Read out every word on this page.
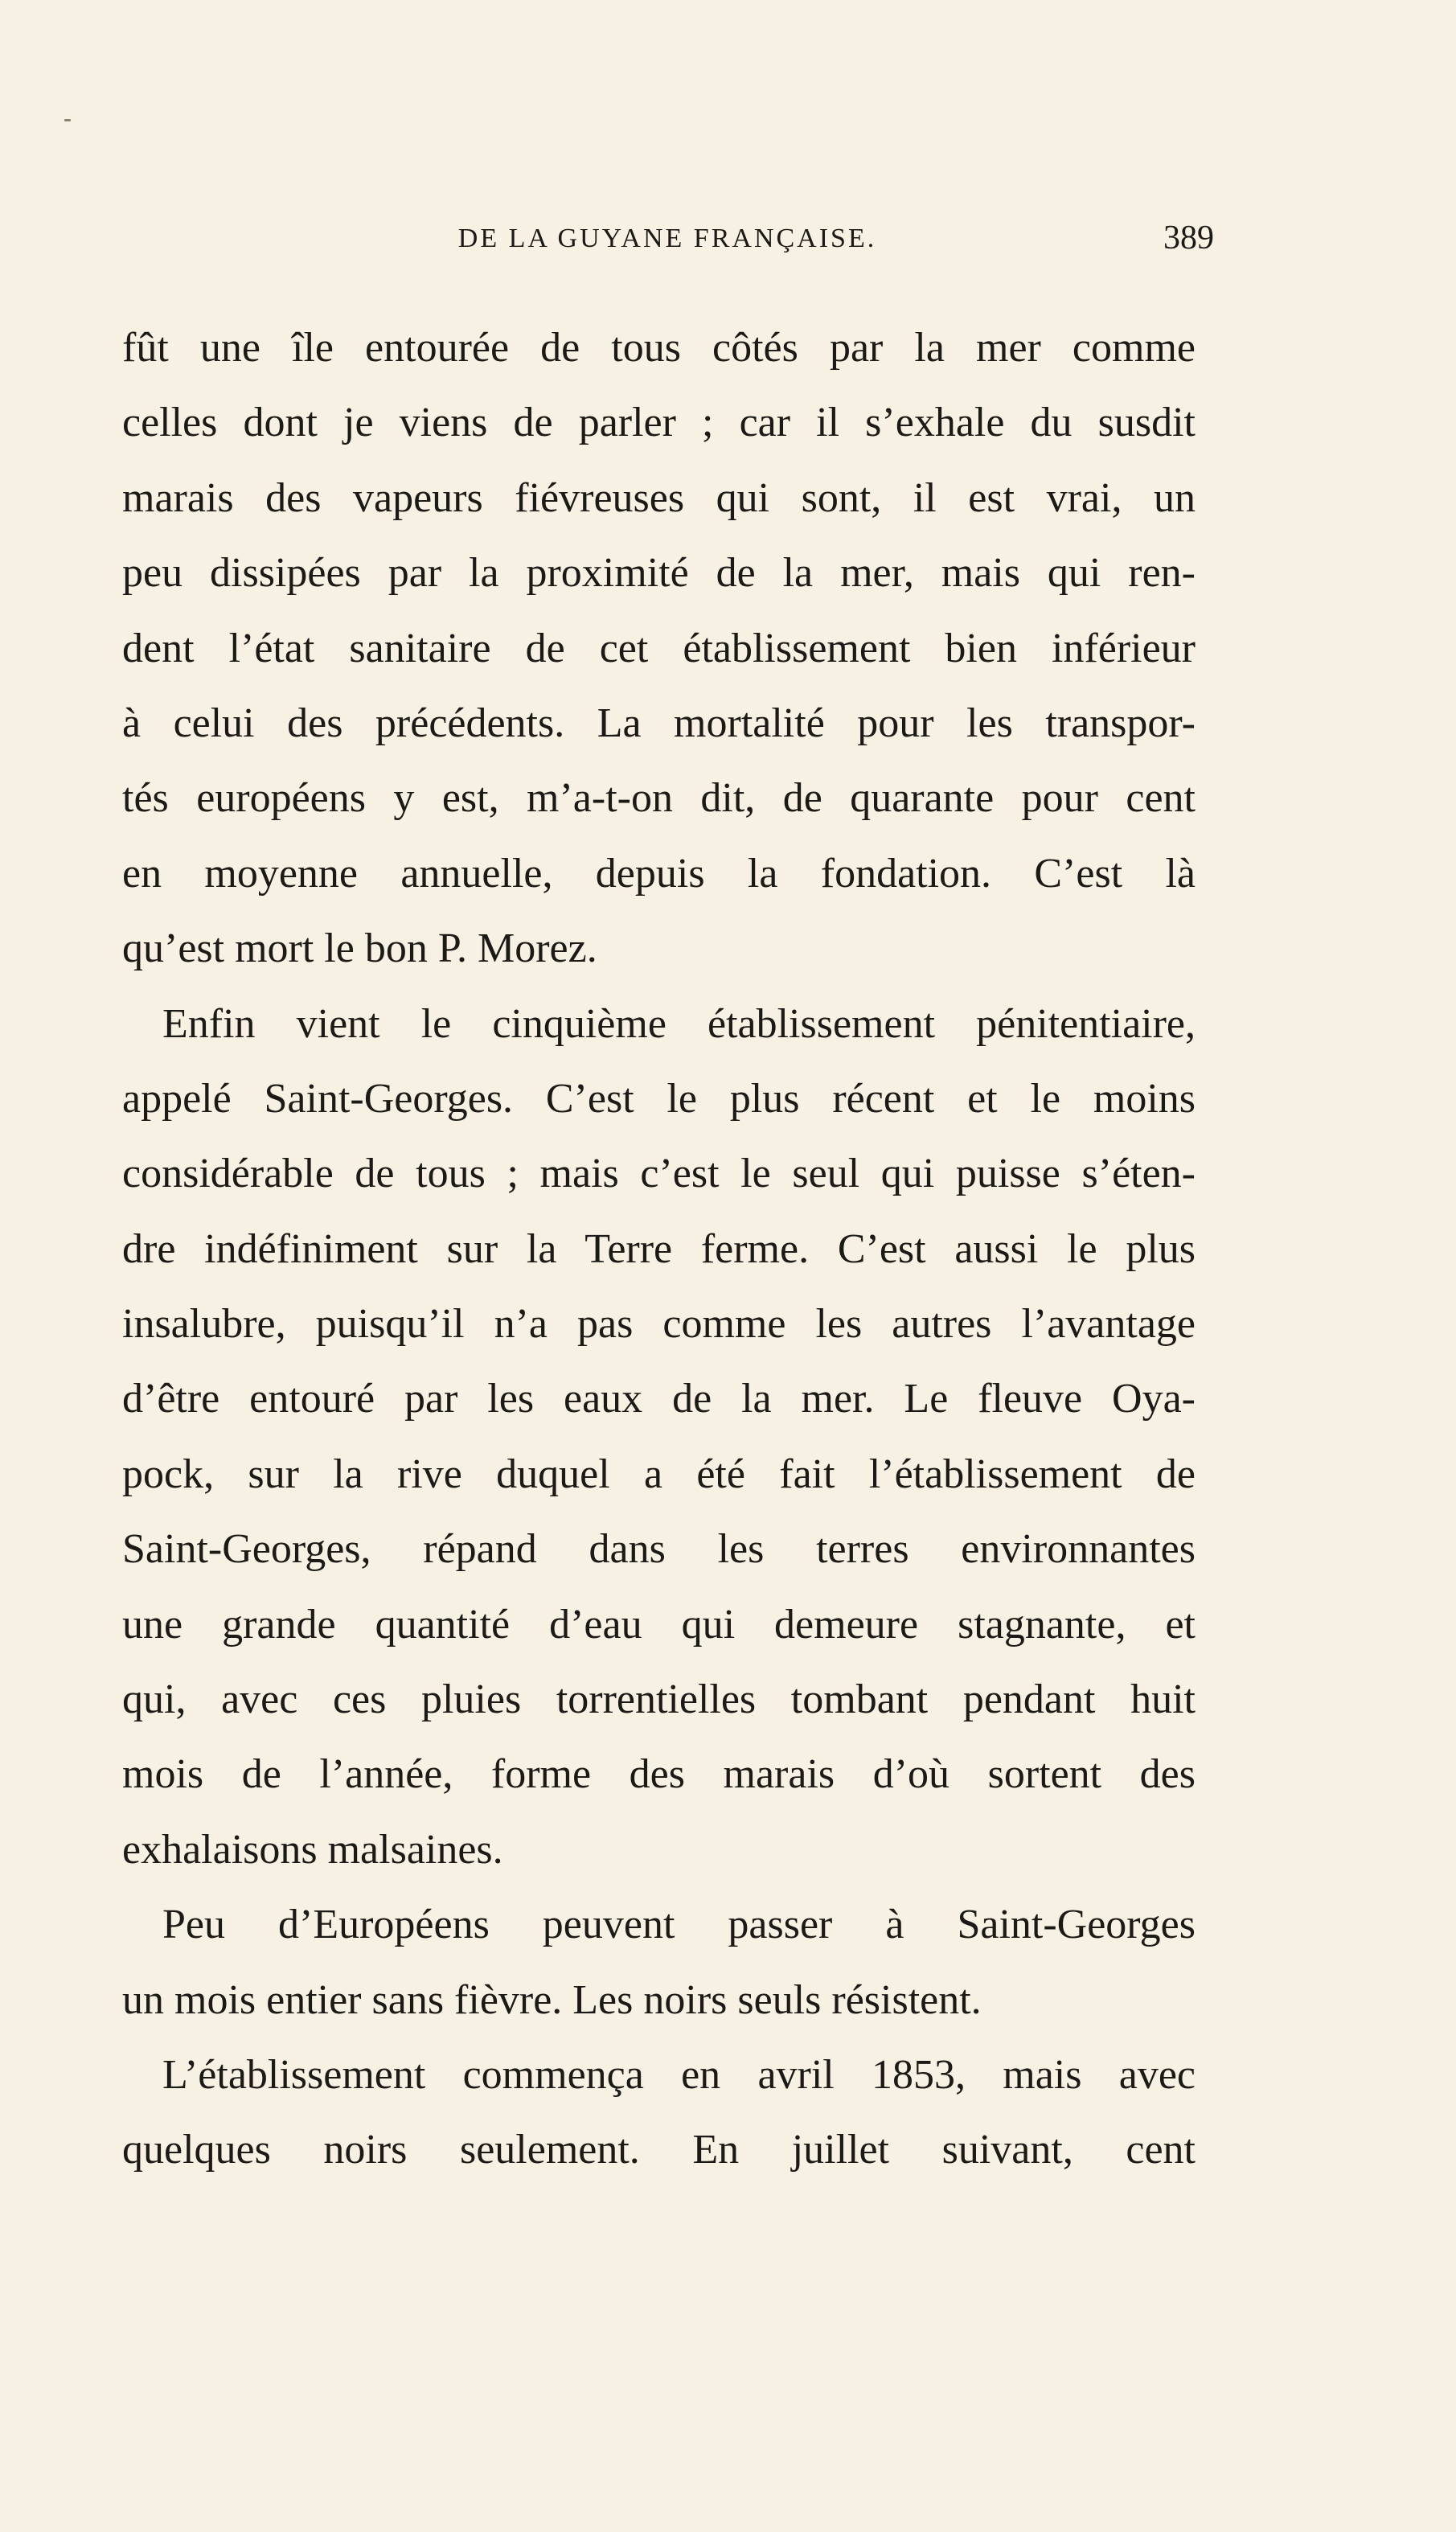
DE LA GUYANE FRANÇAISE.	389
fût une île entourée de tous côtés par la mer comme
celles dont je viens de parler ; car il s’exhale du susdit
marais des vapeurs fiévreuses qui sont, il est vrai, un
peu dissipées par la proximité de la mer, mais qui ren-
dent l’état sanitaire de cet établissement bien inférieur
à celui des précédents. La mortalité pour les transpor-
tés européens y est, m’a-t-on dit, de quarante pour cent
en moyenne annuelle, depuis la fondation. C’est là
qu’est mort le bon P. Morez.
Enfin vient le cinquième établissement pénitentiaire,
appelé Saint-Georges. C’est le plus récent et le moins
considérable de tous ; mais c’est le seul qui puisse s’éten-
dre indéfiniment sur la Terre ferme. C’est aussi le plus
insalubre, puisqu’il n’a pas comme les autres l’avantage
d’être entouré par les eaux de la mer. Le fleuve Oya-
pock, sur la rive duquel a été fait l’établissement de
Saint-Georges, répand dans les terres environnantes
une grande quantité d’eau qui demeure stagnante, et
qui, avec ces pluies torrentielles tombant pendant huit
mois de l’année, forme des marais d’où sortent des
exhalaisons malsaines.
Peu d’Européens peuvent passer à Saint-Georges
un mois entier sans fièvre. Les noirs seuls résistent.
L’établissement commença en avril 1853, mais avec
quelques noirs seulement. En juillet suivant, cent
